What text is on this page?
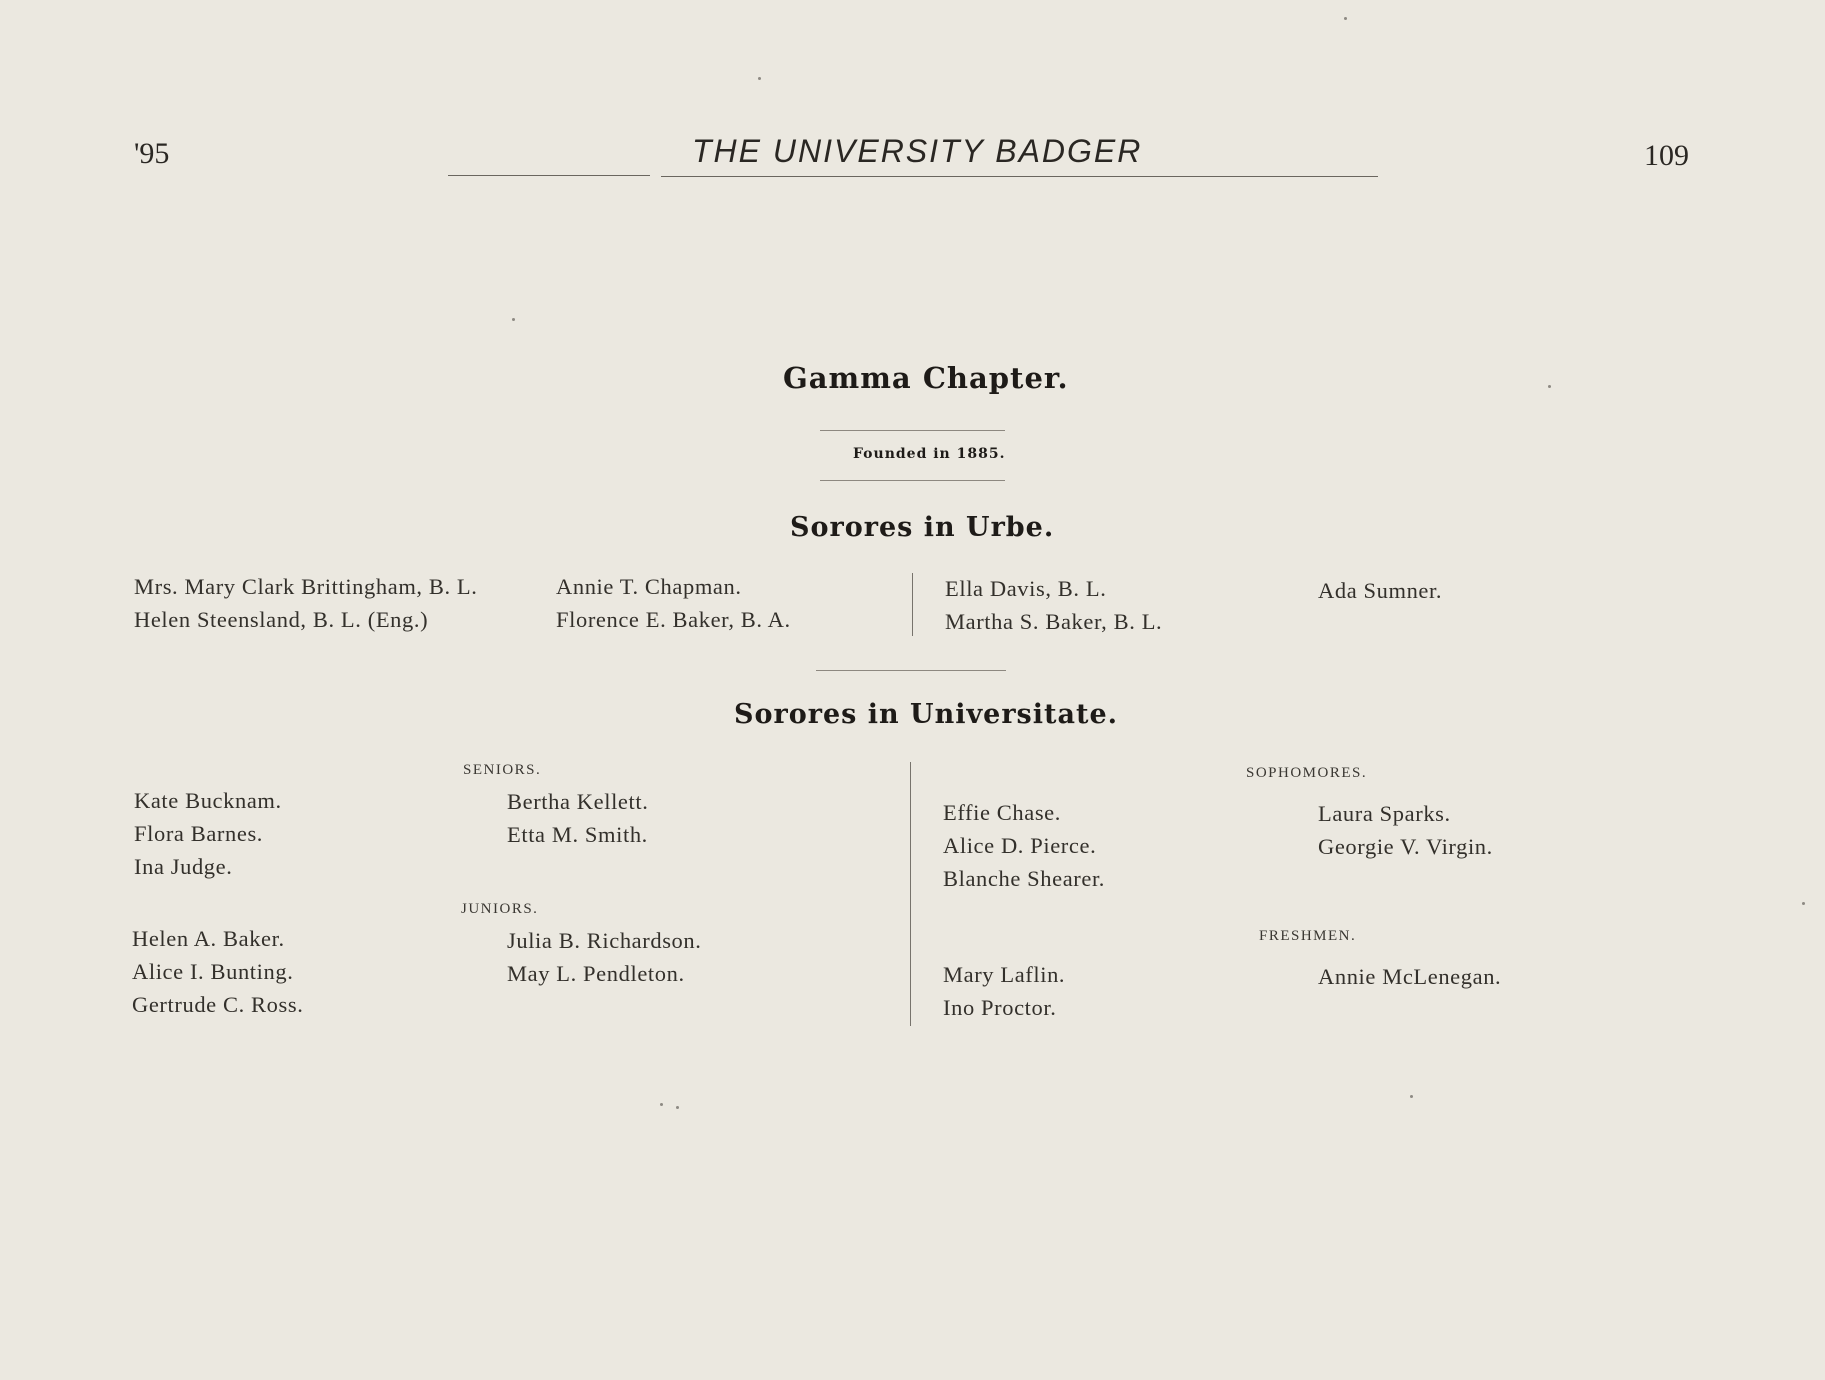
'95	THE UNIVERSITY BADGER	109
Gamma Chapter.
Founded in 1885.
Sorores in Urbe.
Mrs. Mary Clark Brittingham, B. L.
Helen Steensland, B. L. (Eng.)
Annie T. Chapman.
Florence E. Baker, B. A.
Ella Davis, B. L.
Martha S. Baker, B. L.
Ada Sumner.
Sorores in Universitate.
SENIORS.
Kate Bucknam.
Flora Barnes.
Ina Judge.
Bertha Kellett.
Etta M. Smith.
JUNIORS.
Helen A. Baker.
Alice I. Bunting.
Gertrude C. Ross.
Julia B. Richardson.
May L. Pendleton.
SOPHOMORES.
Effie Chase.
Alice D. Pierce.
Blanche Shearer.
Laura Sparks.
Georgie V. Virgin.
FRESHMEN.
Mary Laflin.
Ino Proctor.
Annie McLenegan.
